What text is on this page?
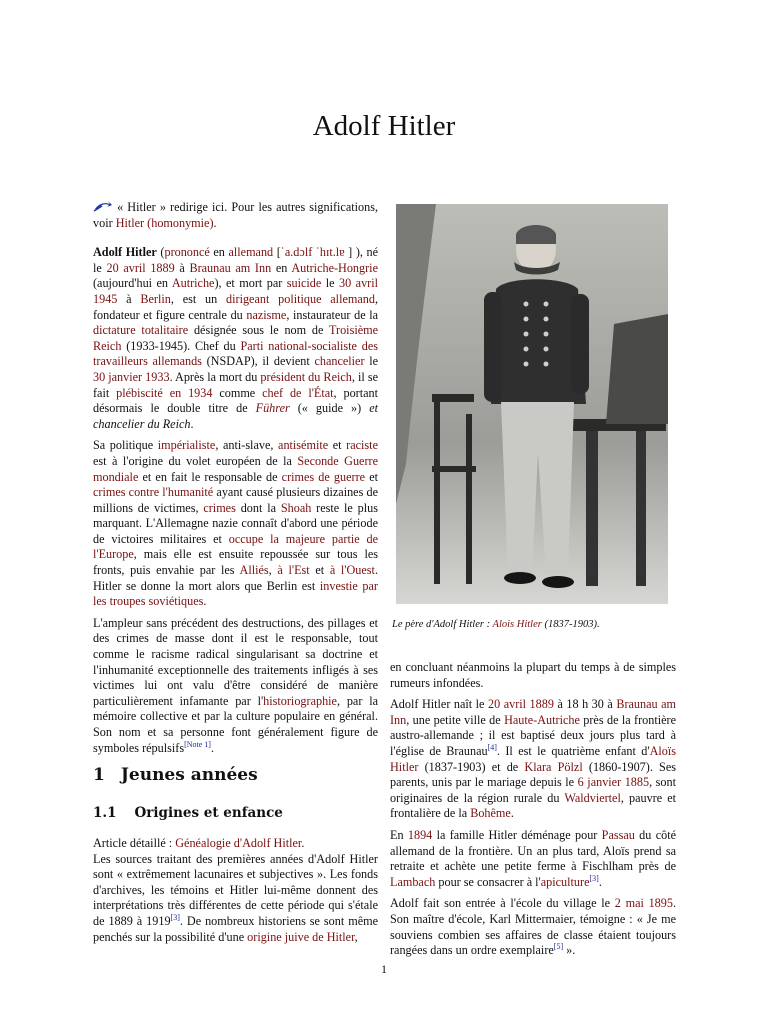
Adolf Hitler

« Hitler » redirige ici. Pour les autres significations, voir Hitler (homonymie).

Adolf Hitler (prononcé en allemand [ˈa.dɔlf ˈhɪt.lɐ ] ), né le 20 avril 1889 à Braunau am Inn en Autriche-Hongrie (aujourd'hui en Autriche), et mort par suicide le 30 avril 1945 à Berlin, est un dirigeant politique allemand, fondateur et figure centrale du nazisme, instaurateur de la dictature totalitaire désignée sous le nom de Troisième Reich (1933-1945). Chef du Parti national-socialiste des travailleurs allemands (NSDAP), il devient chancelier le 30 janvier 1933. Après la mort du président du Reich, il se fait plébiscité en 1934 comme chef de l'État, portant désormais le double titre de Führer (« guide ») et chancelier du Reich.

Sa politique impérialiste, anti-slave, antisémite et raciste est à l'origine du volet européen de la Seconde Guerre mondiale et en fait le responsable de crimes de guerre et crimes contre l'humanité ayant causé plusieurs dizaines de millions de victimes, crimes dont la Shoah reste le plus marquant. L'Allemagne nazie connaît d'abord une période de victoires militaires et occupe la majeure partie de l'Europe, mais elle est ensuite repoussée sur tous les fronts, puis envahie par les Alliés, à l'Est et à l'Ouest. Hitler se donne la mort alors que Berlin est investie par les troupes soviétiques.

L'ampleur sans précédent des destructions, des pillages et des crimes de masse dont il est le responsable, tout comme le racisme radical singularisant sa doctrine et l'inhumanité exceptionnelle des traitements infligés à ses victimes lui ont valu d'être considéré de manière particulièrement infamante par l'historiographie, par la mémoire collective et par la culture populaire en général. Son nom et sa personne font généralement figure de symboles répulsifs[Note 1].

Le père d'Adolf Hitler : Alois Hitler (1837-1903).
1 Jeunes années
1.1 Origines et enfance

Article détaillé : Généalogie d'Adolf Hitler.

Les sources traitant des premières années d'Adolf Hitler sont « extrêmement lacunaires et subjectives ». Les fonds d'archives, les témoins et Hitler lui-même donnent des interprétations très différentes de cette période qui s'étale de 1889 à 1919[3]. De nombreux historiens se sont même penchés sur la possibilité d'une origine juive de Hitler,

en concluant néanmoins la plupart du temps à de simples rumeurs infondées.

Adolf Hitler naît le 20 avril 1889 à 18 h 30 à Braunau am Inn, une petite ville de Haute-Autriche près de la frontière austro-allemande ; il est baptisé deux jours plus tard à l'église de Braunau[4]. Il est le quatrième enfant d'Aloïs Hitler (1837-1903) et de Klara Pölzl (1860-1907). Ses parents, unis par le mariage depuis le 6 janvier 1885, sont originaires de la région rurale du Waldviertel, pauvre et frontalière de la Bohême.

En 1894 la famille Hitler déménage pour Passau du côté allemand de la frontière. Un an plus tard, Aloïs prend sa retraite et achète une petite ferme à Fischlham près de Lambach pour se consacrer à l'apiculture[3].

Adolf fait son entrée à l'école du village le 2 mai 1895. Son maître d'école, Karl Mittermaier, témoigne : « Je me souviens combien ses affaires de classe étaient toujours rangées dans un ordre exemplaire[5] ».

1
